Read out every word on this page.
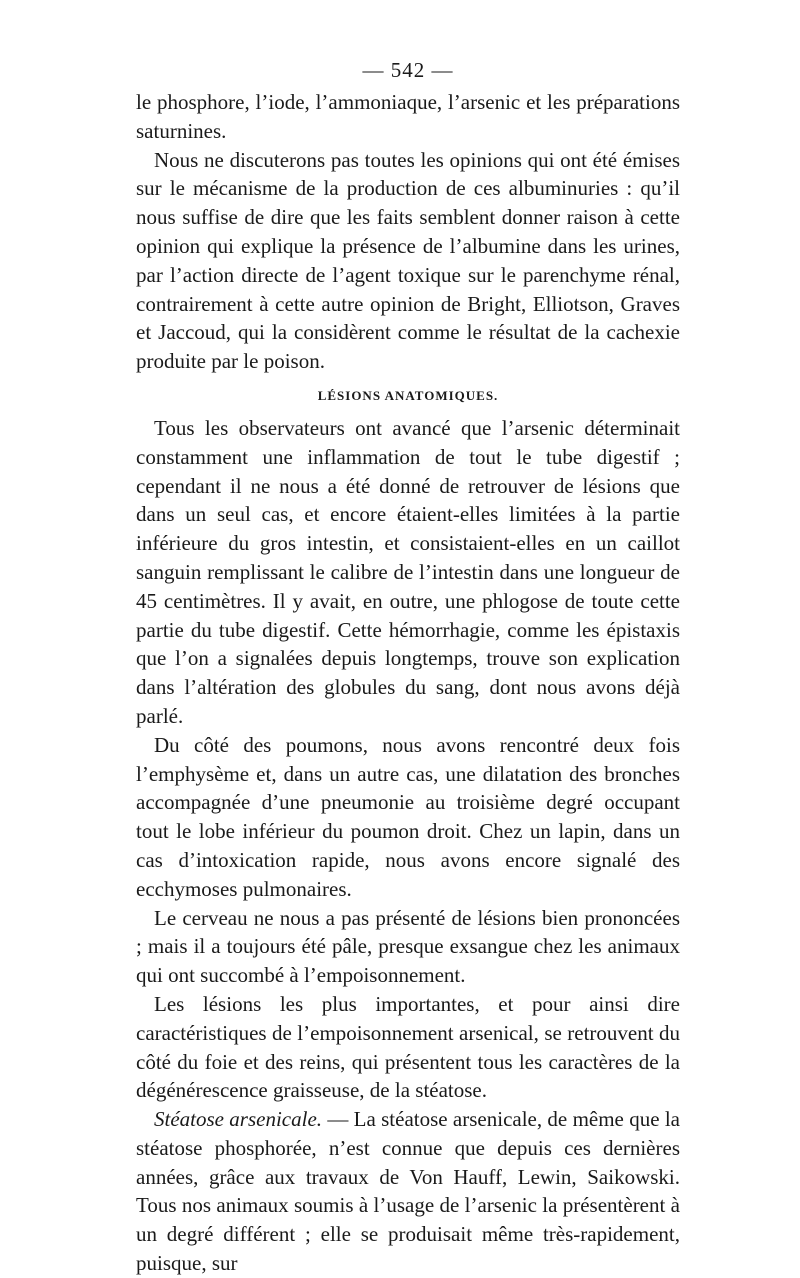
— 542 —

le phosphore, l’iode, l’ammoniaque, l’arsenic et les préparations saturnines.

Nous ne discuterons pas toutes les opinions qui ont été émises sur le mécanisme de la production de ces albuminuries : qu’il nous suffise de dire que les faits semblent donner raison à cette opinion qui explique la présence de l’albumine dans les urines, par l’action directe de l’agent toxique sur le parenchyme rénal, contrairement à cette autre opinion de Bright, Elliotson, Graves et Jaccoud, qui la considèrent comme le résultat de la cachexie produite par le poison.

LÉSIONS ANATOMIQUES.

Tous les observateurs ont avancé que l’arsenic déterminait constamment une inflammation de tout le tube digestif ; cependant il ne nous a été donné de retrouver de lésions que dans un seul cas, et encore étaient-elles limitées à la partie inférieure du gros intestin, et consistaient-elles en un caillot sanguin remplissant le calibre de l’intestin dans une longueur de 45 centimètres. Il y avait, en outre, une phlogose de toute cette partie du tube digestif. Cette hémorrhagie, comme les épistaxis que l’on a signalées depuis longtemps, trouve son explication dans l’altération des globules du sang, dont nous avons déjà parlé.

Du côté des poumons, nous avons rencontré deux fois l’emphysème et, dans un autre cas, une dilatation des bronches accompagnée d’une pneumonie au troisième degré occupant tout le lobe inférieur du poumon droit. Chez un lapin, dans un cas d’intoxication rapide, nous avons encore signalé des ecchymoses pulmonaires.

Le cerveau ne nous a pas présenté de lésions bien prononcées ; mais il a toujours été pâle, presque exsangue chez les animaux qui ont succombé à l’empoisonnement.

Les lésions les plus importantes, et pour ainsi dire caractéristiques de l’empoisonnement arsenical, se retrouvent du côté du foie et des reins, qui présentent tous les caractères de la dégénérescence graisseuse, de la stéatose.

Stéatose arsenicale. — La stéatose arsenicale, de même que la stéatose phosphorée, n’est connue que depuis ces dernières années, grâce aux travaux de Von Hauff, Lewin, Saikowski. Tous nos animaux soumis à l’usage de l’arsenic la présentèrent à un degré différent ; elle se produisait même très-rapidement, puisque, sur
